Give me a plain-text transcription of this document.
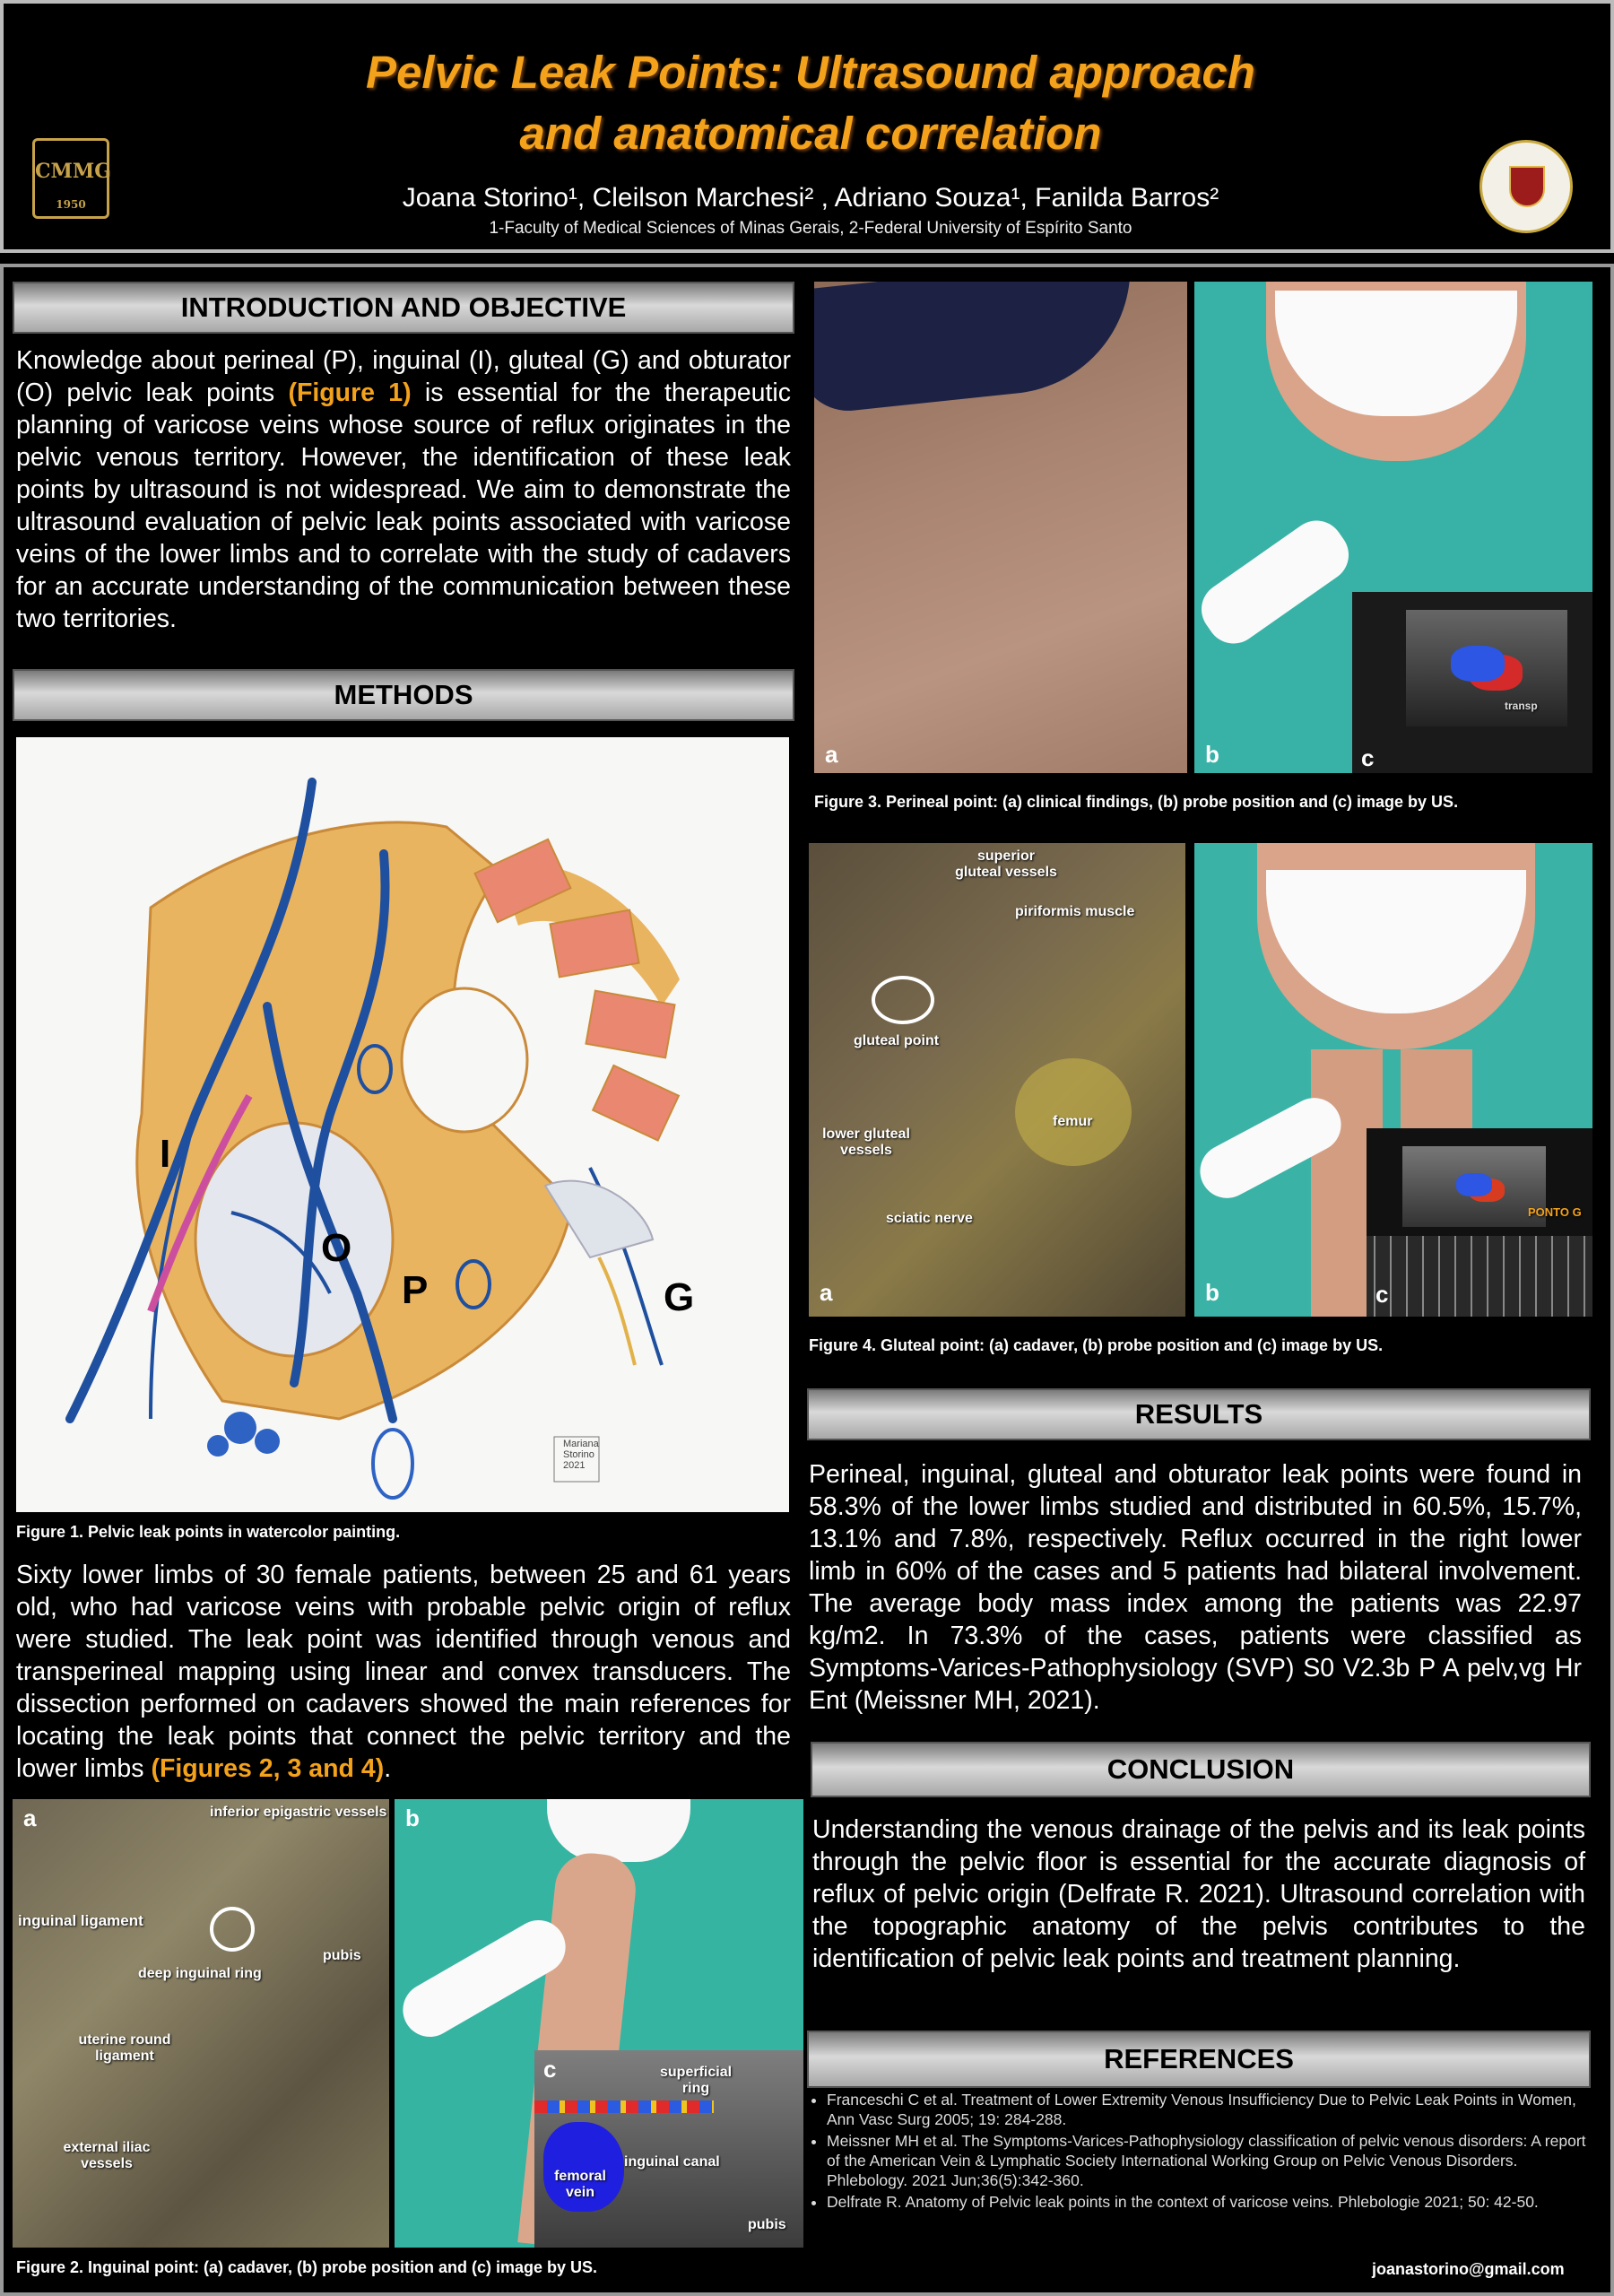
Pelvic Leak Points: Ultrasound approach
and anatomical correlation
Joana Storino¹, Cleilson Marchesi² , Adriano Souza¹, Fanilda Barros²
1-Faculty of Medical Sciences of Minas Gerais, 2-Federal University of Espírito Santo
CMMG
1950
INTRODUCTION AND OBJECTIVE
Knowledge about perineal (P), inguinal (I), gluteal (G) and obturator (O) pelvic leak points (Figure 1) is essential for the therapeutic planning of varicose veins whose source of reflux originates in the pelvic venous territory. However, the identification of these leak points by ultrasound is not widespread. We aim to demonstrate the ultrasound evaluation of pelvic leak points associated with varicose veins of the lower limbs and to correlate with the study of cadavers for an accurate understanding of the communication between these two territories.
METHODS
I
O
P	G
Mariana Storino 2021
Figure 1. Pelvic leak points in watercolor painting.
Sixty lower limbs of 30 female patients, between 25 and 61 years old, who had varicose veins with probable pelvic origin of reflux were studied. The leak point was identified through venous and transperineal mapping using linear and convex transducers. The dissection performed on cadavers showed the main references for locating the leak points that connect the pelvic territory and the lower limbs (Figures 2, 3 and 4).
a	inferior epigastric vessels
inguinal ligament
deep inguinal ring
pubis
uterine round ligament
external iliac vessels
b
c	superficial ring
inguinal canal
femoral vein
pubis
Figure 2. Inguinal point: (a) cadaver, (b) probe position and (c) image by US.
a	b
transp
c
Figure 3. Perineal point: (a) clinical findings, (b) probe position and (c) image by US.
superior gluteal vessels
piriformis muscle
gluteal point
femur
lower gluteal vessels
sciatic nerve
a	b
PONTO G
c
Figure 4. Gluteal point: (a) cadaver, (b) probe position and (c) image by US.
RESULTS
Perineal, inguinal, gluteal and obturator leak points were found in 58.3% of the lower limbs studied and distributed in 60.5%, 15.7%, 13.1% and 7.8%, respectively. Reflux occurred in the right lower limb in 60% of the cases and 5 patients had bilateral involvement. The average body mass index among the patients was 22.97 kg/m2. In 73.3% of the cases, patients were classified as Symptoms-Varices-Pathophysiology (SVP) S0 V2.3b P A pelv,vg Hr Ent (Meissner MH, 2021).
CONCLUSION
Understanding the venous drainage of the pelvis and its leak points through the pelvic floor is essential for the accurate diagnosis of reflux of pelvic origin (Delfrate R. 2021). Ultrasound correlation with the topographic anatomy of the pelvis contributes to the identification of pelvic leak points and treatment planning.
REFERENCES
• Franceschi C et al. Treatment of Lower Extremity Venous Insufficiency Due to Pelvic Leak Points in Women, Ann Vasc Surg 2005; 19: 284-288.
• Meissner MH et al. The Symptoms-Varices-Pathophysiology classification of pelvic venous disorders: A report of the American Vein & Lymphatic Society International Working Group on Pelvic Venous Disorders. Phlebology. 2021 Jun;36(5):342-360.
• Delfrate R. Anatomy of Pelvic leak points in the context of varicose veins. Phlebologie 2021; 50: 42-50.
joanastorino@gmail.com
